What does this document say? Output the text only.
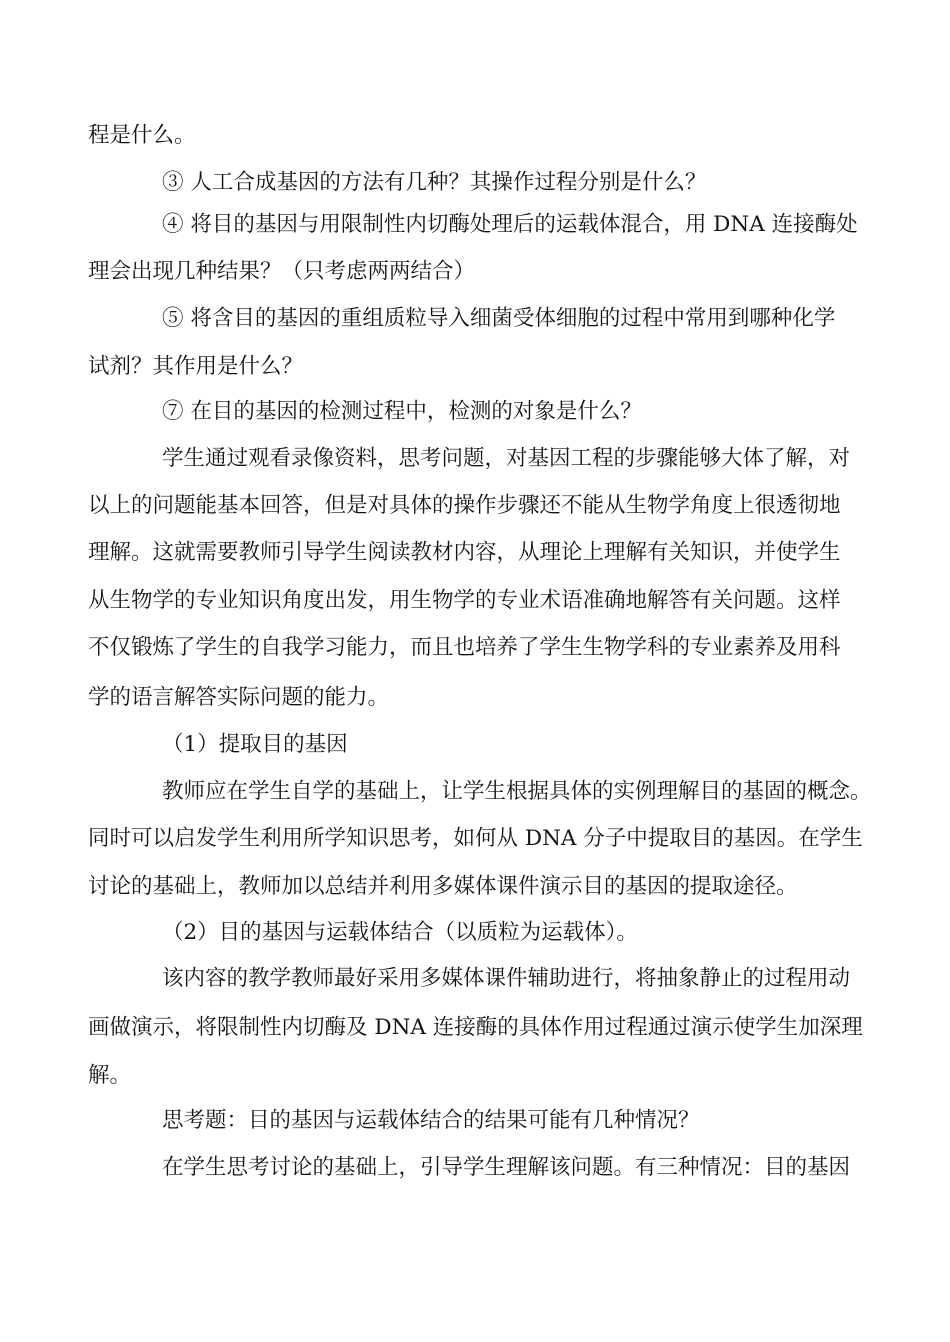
程是什么。
③ 人工合成基因的方法有几种？其操作过程分别是什么？
④ 将目的基因与用限制性内切酶处理后的运载体混合，用 DNA 连接酶处
理会出现几种结果？（只考虑两两结合）
⑤ 将含目的基因的重组质粒导入细菌受体细胞的过程中常用到哪种化学
试剂？其作用是什么？
⑦ 在目的基因的检测过程中，检测的对象是什么？
学生通过观看录像资料，思考问题，对基因工程的步骤能够大体了解，对
以上的问题能基本回答，但是对具体的操作步骤还不能从生物学角度上很透彻地
理解。这就需要教师引导学生阅读教材内容，从理论上理解有关知识，并使学生
从生物学的专业知识角度出发，用生物学的专业术语准确地解答有关问题。这样
不仅锻炼了学生的自我学习能力，而且也培养了学生生物学科的专业素养及用科
学的语言解答实际问题的能力。
（1）提取目的基因
教师应在学生自学的基础上，让学生根据具体的实例理解目的基固的概念。
同时可以启发学生利用所学知识思考，如何从 DNA 分子中提取目的基因。在学生
讨论的基础上，教师加以总结并利用多媒体课件演示目的基因的提取途径。
（2）目的基因与运载体结合（以质粒为运载体）。
该内容的教学教师最好采用多媒体课件辅助进行，将抽象静止的过程用动
画做演示，将限制性内切酶及 DNA 连接酶的具体作用过程通过演示使学生加深理
解。
思考题：目的基因与运载体结合的结果可能有几种情况？
在学生思考讨论的基础上，引导学生理解该问题。有三种情况：目的基因
